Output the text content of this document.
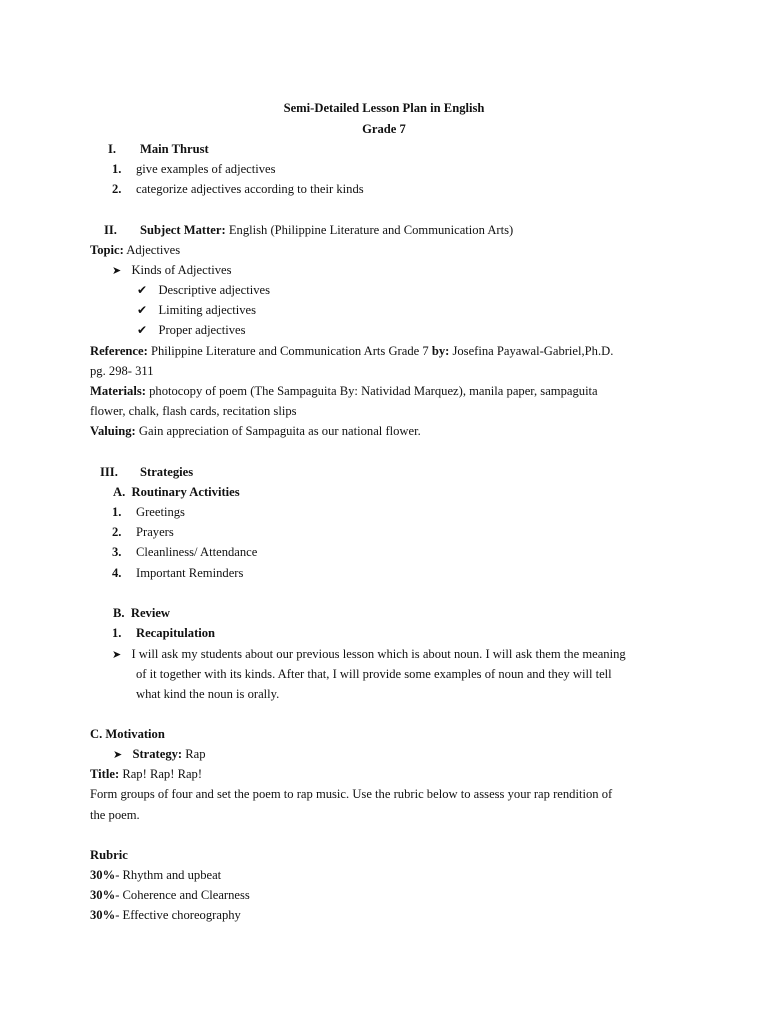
Semi-Detailed Lesson Plan in English
Grade 7
I. Main Thrust
1. give examples of adjectives
2. categorize adjectives according to their kinds
II. Subject Matter: English (Philippine Literature and Communication Arts)
Topic: Adjectives
➤ Kinds of Adjectives
✔ Descriptive adjectives
✔ Limiting adjectives
✔ Proper adjectives
Reference: Philippine Literature and Communication Arts Grade 7 by: Josefina Payawal-Gabriel,Ph.D.
pg. 298- 311
Materials: photocopy of poem (The Sampaguita By: Natividad Marquez), manila paper, sampaguita
flower, chalk, flash cards, recitation slips
Valuing: Gain appreciation of Sampaguita as our national flower.
III. Strategies
A. Routinary Activities
1. Greetings
2. Prayers
3. Cleanliness/ Attendance
4. Important Reminders
B. Review
1. Recapitulation
➤ I will ask my students about our previous lesson which is about noun. I will ask them the meaning
of it together with its kinds. After that, I will provide some examples of noun and they will tell
what kind the noun is orally.
C. Motivation
➤ Strategy: Rap
Title: Rap! Rap! Rap!
Form groups of four and set the poem to rap music. Use the rubric below to assess your rap rendition of
the poem.
Rubric
30%- Rhythm and upbeat
30%- Coherence and Clearness
30%- Effective choreography
